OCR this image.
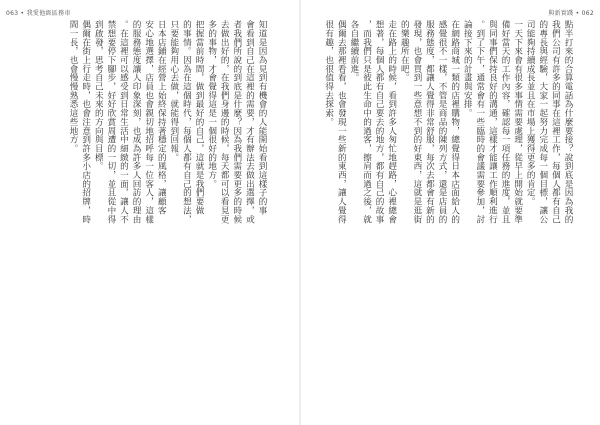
063 • 我愛他級區務車	與新實踐 • 062
知道是因為見到有機會的人能開始看到這樣子的事
會看到自己在這裡的需要，才有辦法去做出選擇，或
者我們所說的到底是什麼？因為我們需要更多的時候
去做出好的，在我們身邊的時候，每天都可以看見更
多的事物，才會覺得這是一個很好的地方。
把握當前時間，做到最好的自己，這就是我們要做
的事情。因為在這個時代，每個人都有自己的想法，
只要能夠用心去做，就能得到回報。
日本店鋪在經營上始終保持著穩定的風格，讓顧客
安心地選擇，店員也會親切地招呼每一位客人，這樣
的服務態度讓人印象深刻，也成為許多人回訪的理由
。在這裡可以感受到日常生活中細緻的一面，讓人不
禁想要停下腳步，好好欣賞周遭的一切，並且從中得
到啟發，思考自己未來的方向與目標。
偶爾在街上行走時，也會注意到許多小店的招牌，時
間一長，也會慢慢熟悉這些地方。	點半打來的合算電話為什麼要接？說到底是因為我的
我們公司有許多的同事在這裡工作，每個人都有自己
的專長與經驗，大家一起努力完成每一個目標，讓公
司能夠持續成長並且在市場上獲得更多的肯定。
一天下來會有很多事情需要處理，從早上開始就要準
備好當天的工作內容，確認每一項任務的進度，並且
與同事們保持良好的溝通，這樣才能讓工作順利進行
。到了下午，通常會有一些臨時的會議需要參加，討
論接下來的計畫與安排。
在網路商城一類的店裡購物，總覺得日本店面給人的
感覺很不一樣，不管是商品的陳列方式，還是店員的
服務態度，都讓人覺得非常舒服，每次去都會有新的
發現，也會買到一些意想不到的好東西，這就是逛街
的樂趣所在吧。
走在路上的時候，看到許多人匆忙地趕路，心裡總會
想著，每個人都有自己要去的地方，都有自己的故事
，而我們只是彼此生命中的過客，擦肩而過之後，就
各自繼續前進。
偶爾去那裡看看，也會發現一些新的東西，讓人覺得
很有趣，也很值得去探索。
